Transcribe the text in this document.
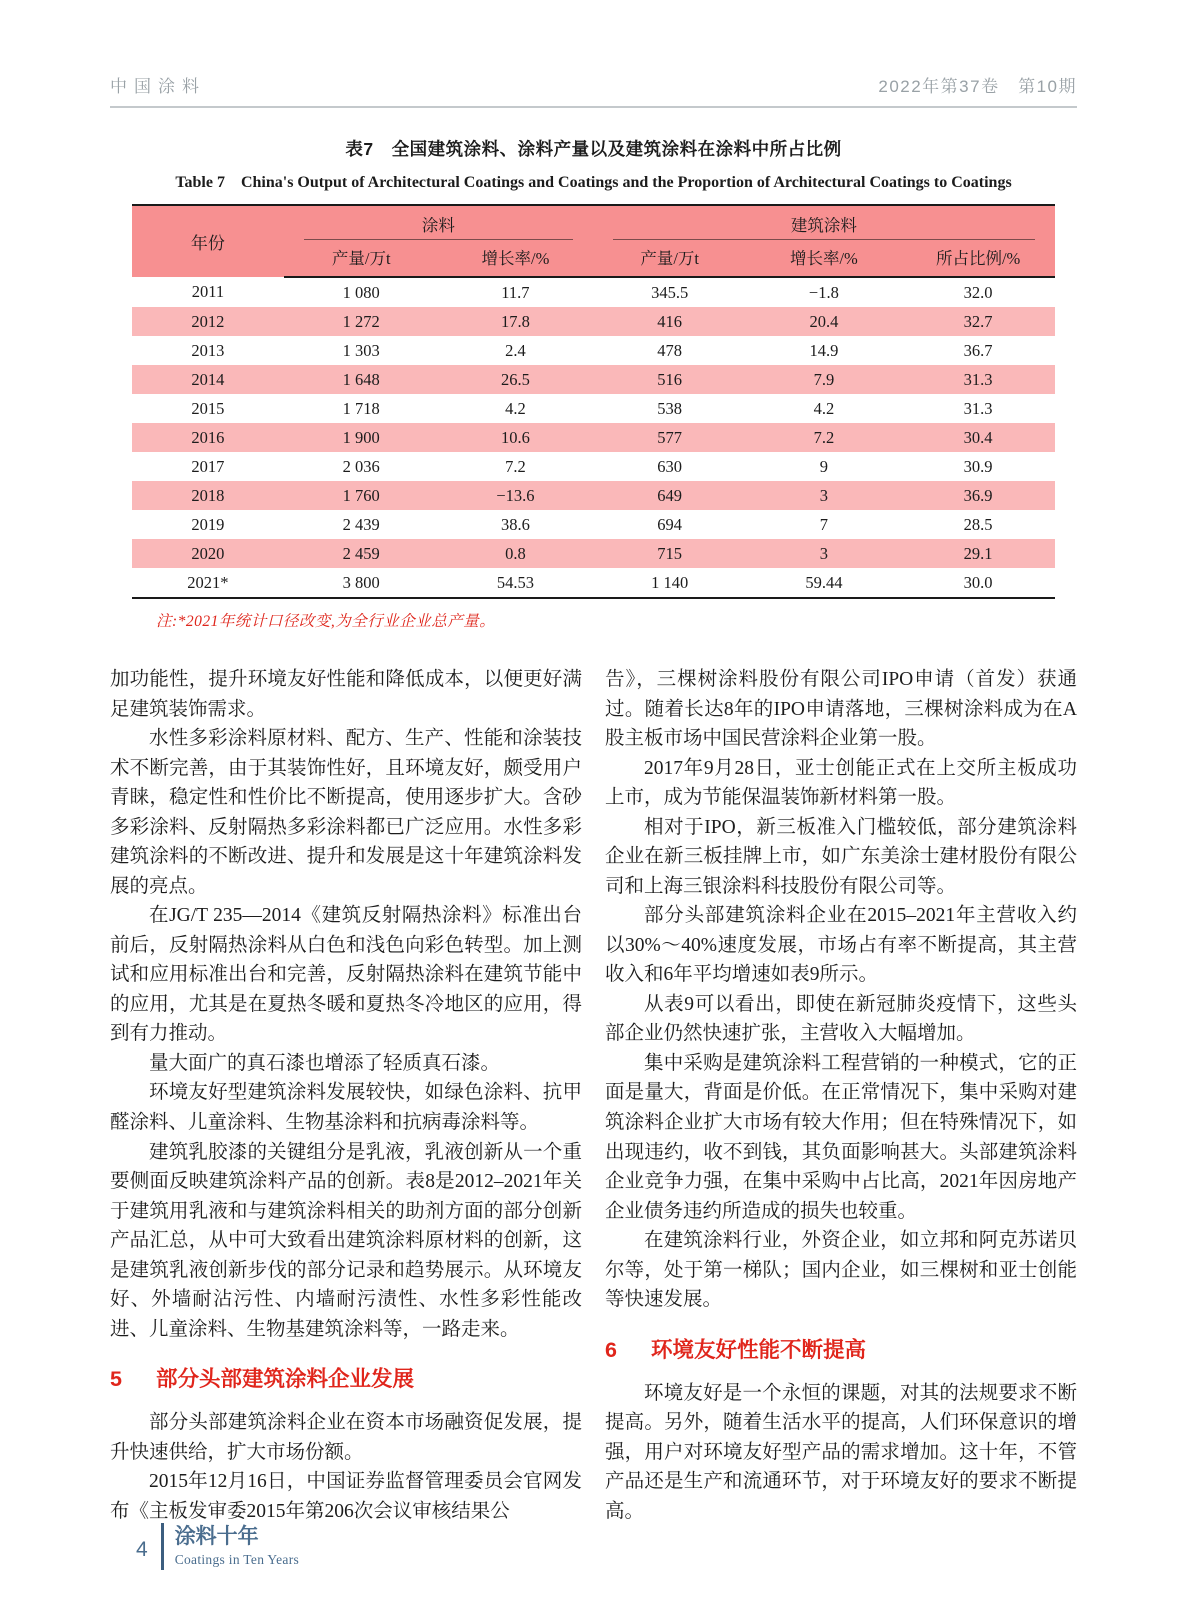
中国涂料	2022年第37卷　第10期
表7　全国建筑涂料、涂料产量以及建筑涂料在涂料中所占比例
Table 7　China's Output of Architectural Coatings and Coatings and the Proportion of Architectural Coatings to Coatings
年份	涂料		建筑涂料		

	产量/万t	增长率/%	产量/万t	增长率/%	所占比例/%
2011	1 080	11.7	345.5	−1.8	32.0
2012	1 272	17.8	416	20.4	32.7
2013	1 303	2.4	478	14.9	36.7
2014	1 648	26.5	516	7.9	31.3
2015	1 718	4.2	538	4.2	31.3
2016	1 900	10.6	577	7.2	30.4
2017	2 036	7.2	630	9	30.9
2018	1 760	−13.6	649	3	36.9
2019	2 439	38.6	694	7	28.5
2020	2 459	0.8	715	3	29.1
2021*	3 800	54.53	1 140	59.44	30.0
注:*2021年统计口径改变,为全行业企业总产量。

加功能性，提升环境友好性能和降低成本，以便更好满足建筑装饰需求。

水性多彩涂料原材料、配方、生产、性能和涂装技术不断完善，由于其装饰性好，且环境友好，颇受用户青睐，稳定性和性价比不断提高，使用逐步扩大。含砂多彩涂料、反射隔热多彩涂料都已广泛应用。水性多彩建筑涂料的不断改进、提升和发展是这十年建筑涂料发展的亮点。

在JG/T 235—2014《建筑反射隔热涂料》标准出台前后，反射隔热涂料从白色和浅色向彩色转型。加上测试和应用标准出台和完善，反射隔热涂料在建筑节能中的应用，尤其是在夏热冬暖和夏热冬冷地区的应用，得到有力推动。

量大面广的真石漆也增添了轻质真石漆。

环境友好型建筑涂料发展较快，如绿色涂料、抗甲醛涂料、儿童涂料、生物基涂料和抗病毒涂料等。

建筑乳胶漆的关键组分是乳液，乳液创新从一个重要侧面反映建筑涂料产品的创新。表8是2012–2021年关于建筑用乳液和与建筑涂料相关的助剂方面的部分创新产品汇总，从中可大致看出建筑涂料原材料的创新，这是建筑乳液创新步伐的部分记录和趋势展示。从环境友好、外墙耐沾污性、内墙耐污渍性、水性多彩性能改进、儿童涂料、生物基建筑涂料等，一路走来。

5	部分头部建筑涂料企业发展

部分头部建筑涂料企业在资本市场融资促发展，提升快速供给，扩大市场份额。

2015年12月16日，中国证券监督管理委员会官网发布《主板发审委2015年第206次会议审核结果公

告》，三棵树涂料股份有限公司IPO申请（首发）获通过。随着长达8年的IPO申请落地，三棵树涂料成为在A股主板市场中国民营涂料企业第一股。

2017年9月28日，亚士创能正式在上交所主板成功上市，成为节能保温装饰新材料第一股。

相对于IPO，新三板准入门槛较低，部分建筑涂料企业在新三板挂牌上市，如广东美涂士建材股份有限公司和上海三银涂料科技股份有限公司等。

部分头部建筑涂料企业在2015–2021年主营收入约以30%～40%速度发展，市场占有率不断提高，其主营收入和6年平均增速如表9所示。

从表9可以看出，即使在新冠肺炎疫情下，这些头部企业仍然快速扩张，主营收入大幅增加。

集中采购是建筑涂料工程营销的一种模式，它的正面是量大，背面是价低。在正常情况下，集中采购对建筑涂料企业扩大市场有较大作用；但在特殊情况下，如出现违约，收不到钱，其负面影响甚大。头部建筑涂料企业竞争力强，在集中采购中占比高，2021年因房地产企业债务违约所造成的损失也较重。

在建筑涂料行业，外资企业，如立邦和阿克苏诺贝尔等，处于第一梯队；国内企业，如三棵树和亚士创能等快速发展。

6	环境友好性能不断提高

环境友好是一个永恒的课题，对其的法规要求不断提高。另外，随着生活水平的提高，人们环保意识的增强，用户对环境友好型产品的需求增加。这十年，不管产品还是生产和流通环节，对于环境友好的要求不断提高。

4
涂料十年
Coatings in Ten Years
